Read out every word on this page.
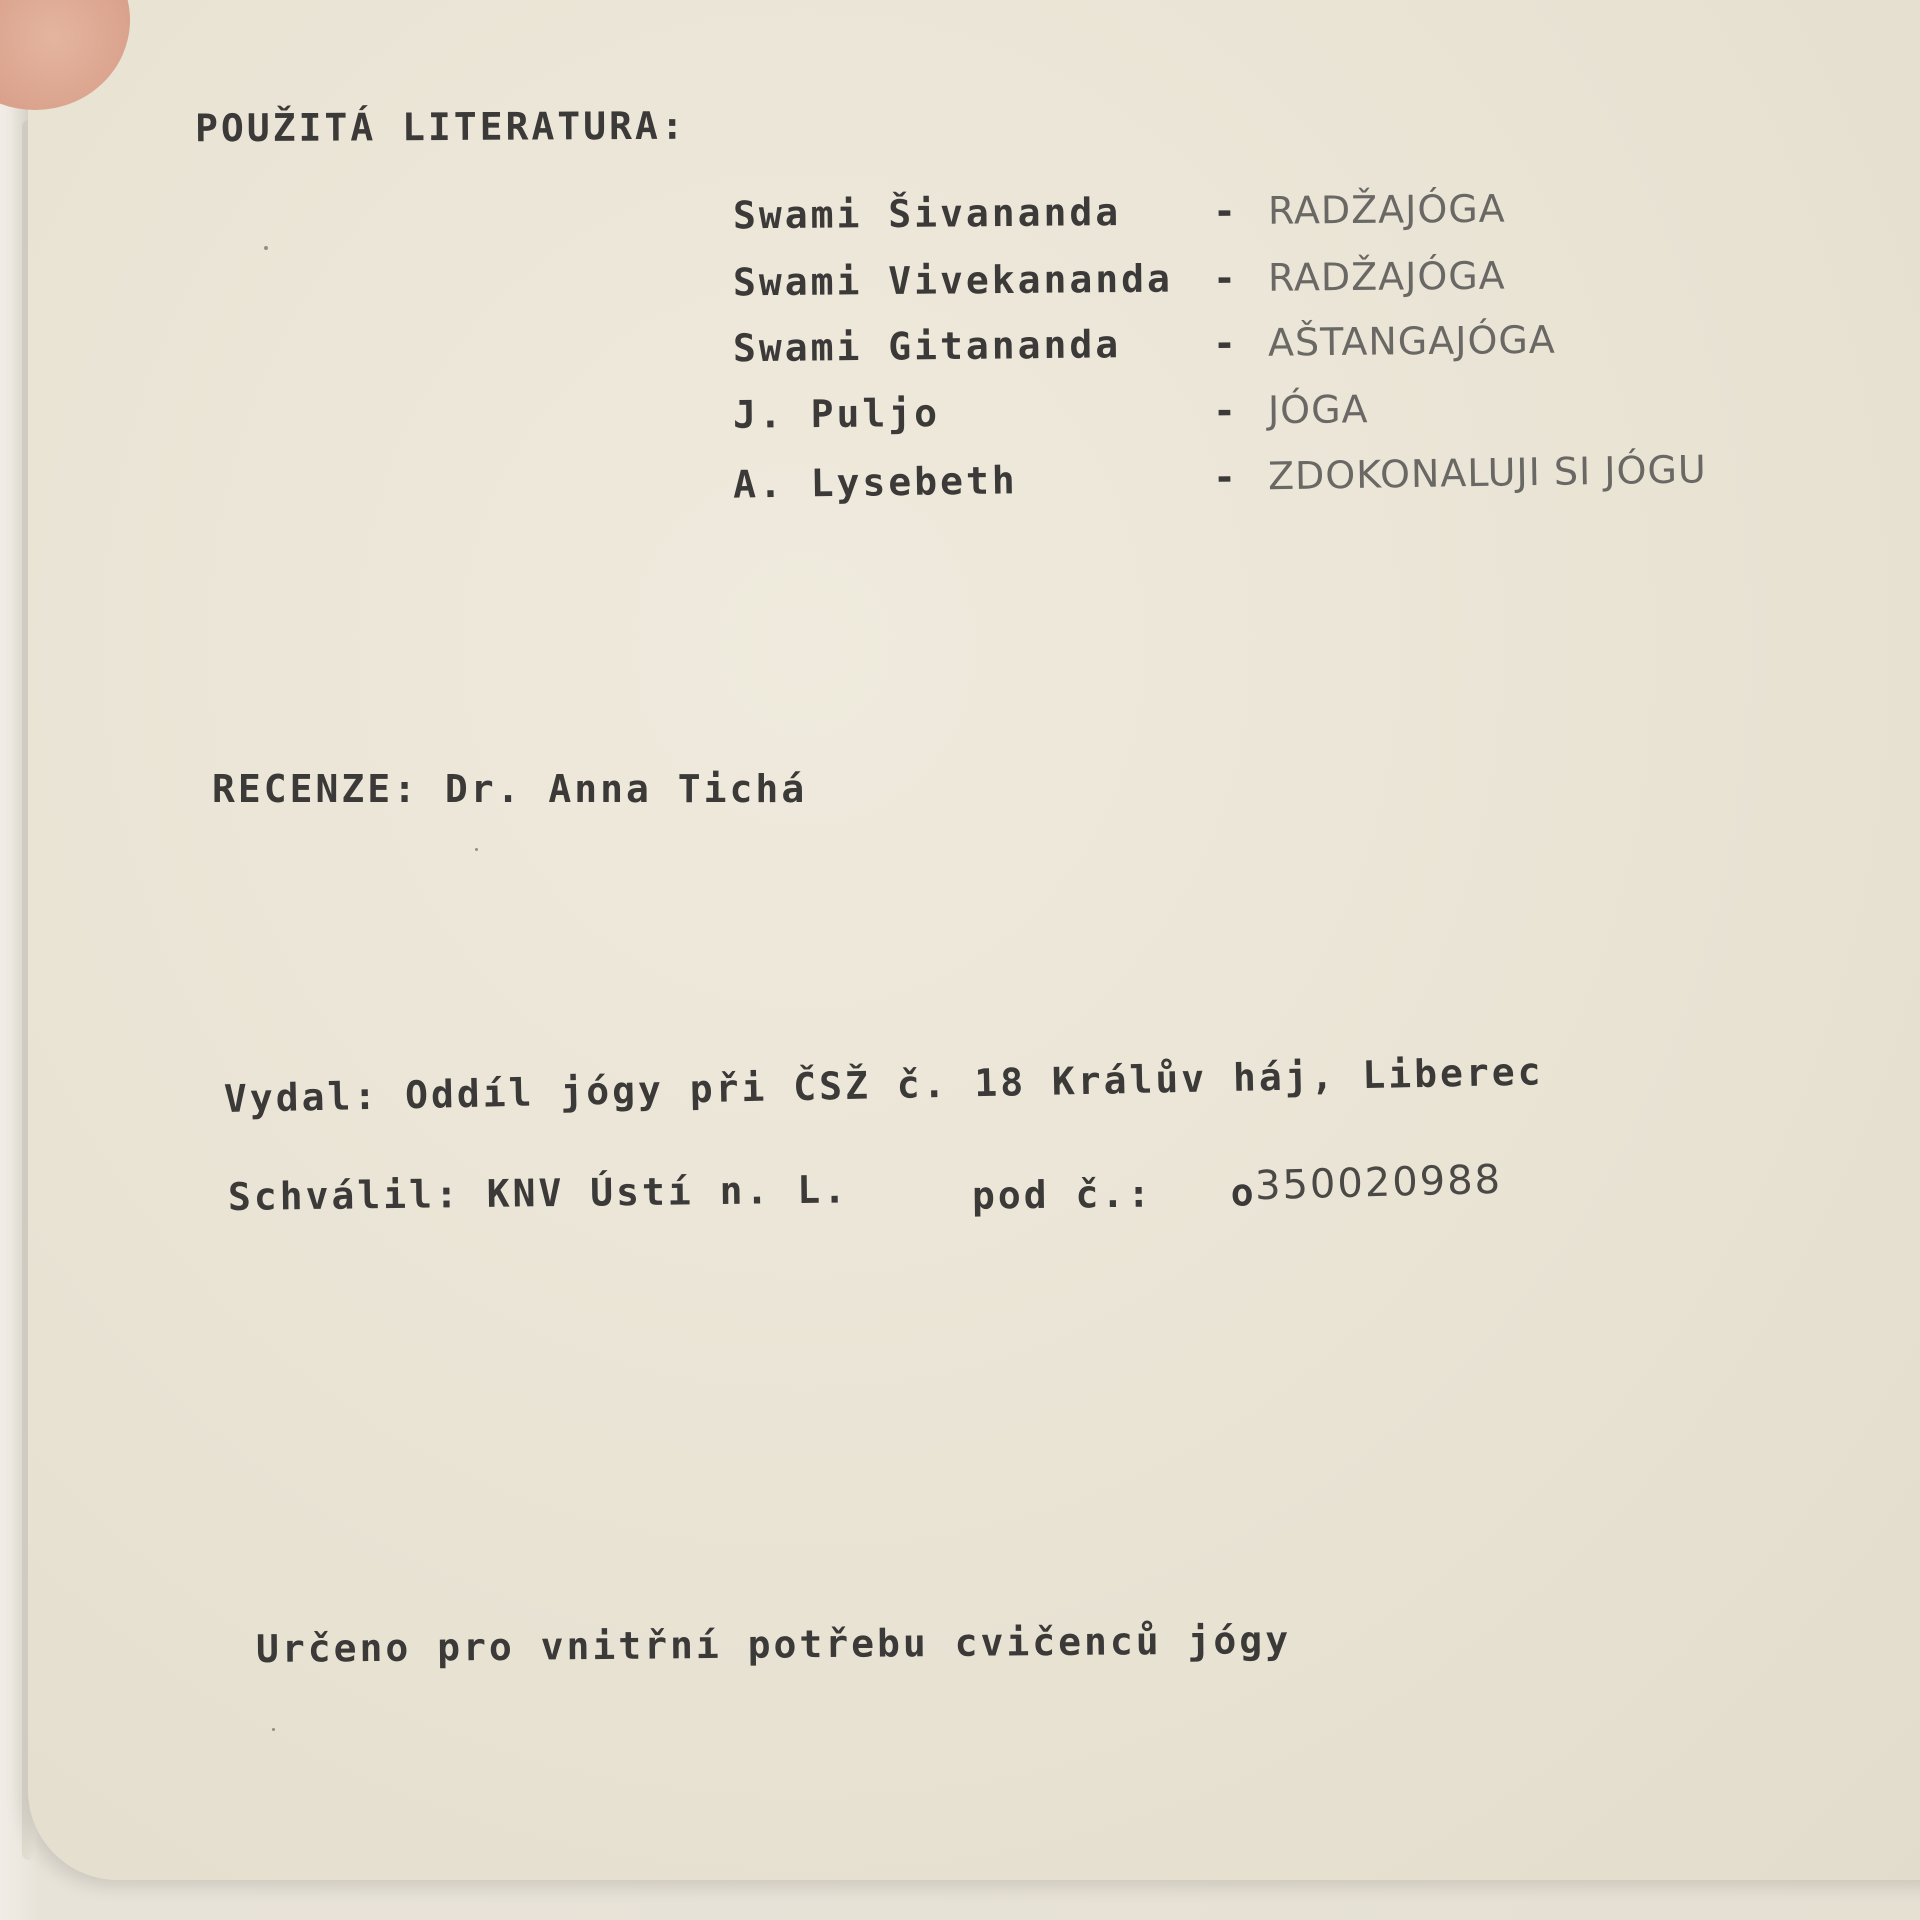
POUŽITÁ LITERATURA:
Swami Šivananda	- RADŽAJÓGA
Swami Vivekananda	- RADŽAJÓGA
Swami Gitananda	- AŠTANGAJÓGA
J. Puljo	- JÓGA
A. Lysebeth	- ZDOKONALUJI SI JÓGU
RECENZE: Dr. Anna Tichá
Vydal: Oddíl jógy při ČSŽ č. 18 Králův háj, Liberec
Schválil: KNV Ústí n. L.	pod č.:   o
350020988
Určeno pro vnitřní potřebu cvičenců jógy
